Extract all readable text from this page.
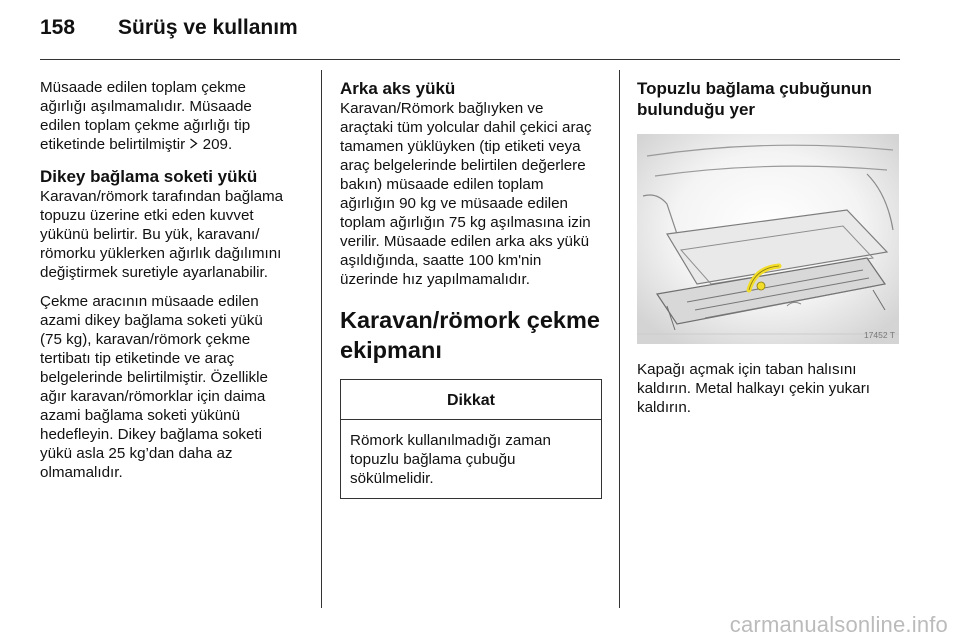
158 Sürüş ve kullanım

Müsaade edilen toplam çekme
ağırlığı aşılmamalıdır. Müsaade
edilen toplam çekme ağırlığı tip
etiketinde belirtilmiştir 209.

Dikey bağlama soketi yükü

Karavan/römork tarafından bağlama
topuzu üzerine etki eden kuvvet
yükünü belirtir. Bu yük, karavanı/
römorku yüklerken ağırlık dağılımını
değiştirmek suretiyle ayarlanabilir.

Çekme aracının müsaade edilen
azami dikey bağlama soketi yükü
(75 kg), karavan/römork çekme
tertibatı tip etiketinde ve araç
belgelerinde belirtilmiştir. Özellikle
ağır karavan/römorklar için daima
azami bağlama soketi yükünü
hedefleyin. Dikey bağlama soketi
yükü asla 25 kg’dan daha az
olmamalıdır.

Arka aks yükü

Karavan/Römork bağlıyken ve
araçtaki tüm yolcular dahil çekici araç
tamamen yüklüyken (tip etiketi veya
araç belgelerinde belirtilen değerlere
bakın) müsaade edilen toplam
ağırlığın 90 kg ve müsaade edilen
toplam ağırlığın 75 kg aşılmasına izin
verilir. Müsaade edilen arka aks yükü
aşıldığında, saatte 100 km'nin
üzerinde hız yapılmamalıdır.

Karavan/römork çekme
ekipmanı
Dikkat

Römork kullanılmadığı zaman
topuzlu bağlama çubuğu
sökülmelidir.

Topuzlu bağlama çubuğunun
bulunduğu yer
17452 T

Kapağı açmak için taban halısını
kaldırın. Metal halkayı çekin yukarı
kaldırın.

carmanualsonline.info
